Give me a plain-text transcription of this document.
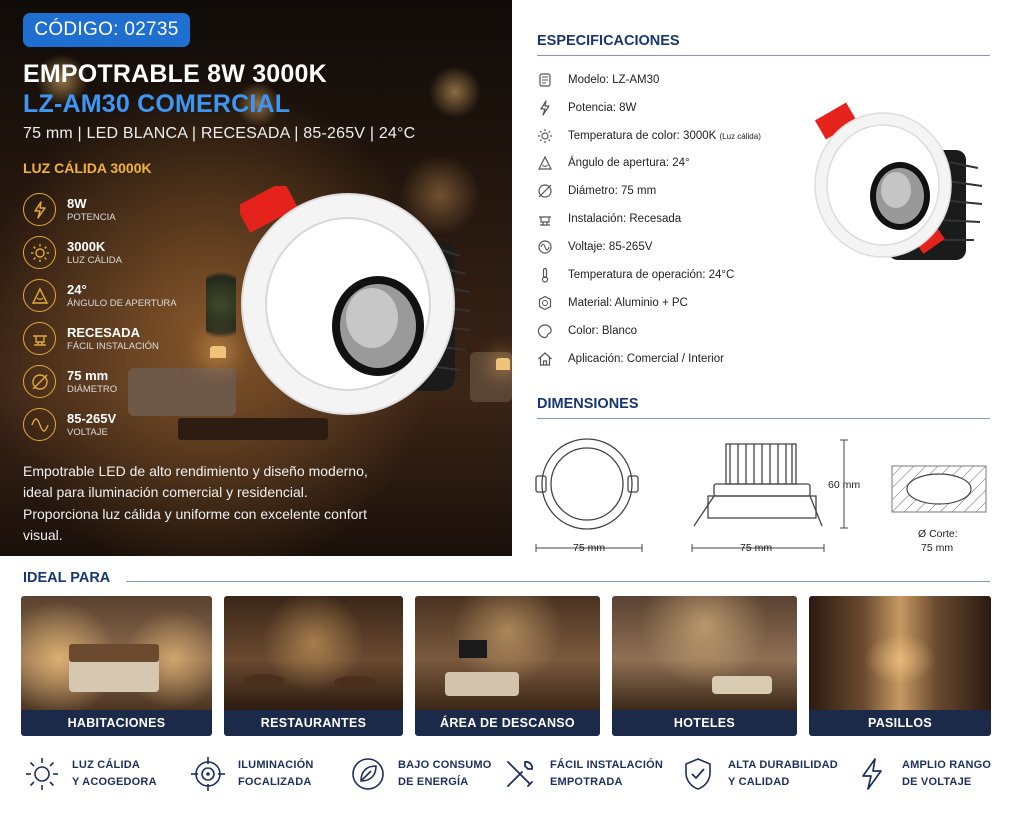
CÓDIGO: 02735
EMPOTRABLE 8W 3000K
LZ-AM30 COMERCIAL
75 mm | LED BLANCA | RECESADA | 85-265V | 24°C
LUZ CÁLIDA 3000K
8W
POTENCIA
3000K
LUZ CÁLIDA
24°
ÁNGULO DE APERTURA
RECESADA
FÁCIL INSTALACIÓN
75 mm
DIÁMETRO
85-265V
VOLTAJE
Empotrable LED de alto rendimiento y diseño moderno, ideal para iluminación comercial y residencial. Proporciona luz cálida y uniforme con excelente confort visual.
ESPECIFICACIONES
Modelo: LZ-AM30
Potencia: 8W
Temperatura de color: 3000K
(Luz cálida)
Ángulo de apertura: 24°
Diámetro: 75 mm
Instalación: Recesada
Voltaje: 85-265V
Temperatura de operación: 24°C
Material: Aluminio + PC
Color: Blanco
Aplicación: Comercial / Interior
DIMENSIONES
75 mm	75 mm
60 mm
Ø Corte:
75 mm
IDEAL PARA
HABITACIONES	RESTAURANTES	ÁREA DE DESCANSO	HOTELES	PASILLOS
LUZ CÁLIDA
Y ACOGEDORA
ILUMINACIÓN
FOCALIZADA
BAJO CONSUMO
DE ENERGÍA
FÁCIL INSTALACIÓN
EMPOTRADA
ALTA DURABILIDAD
Y CALIDAD
AMPLIO RANGO
DE VOLTAJE
